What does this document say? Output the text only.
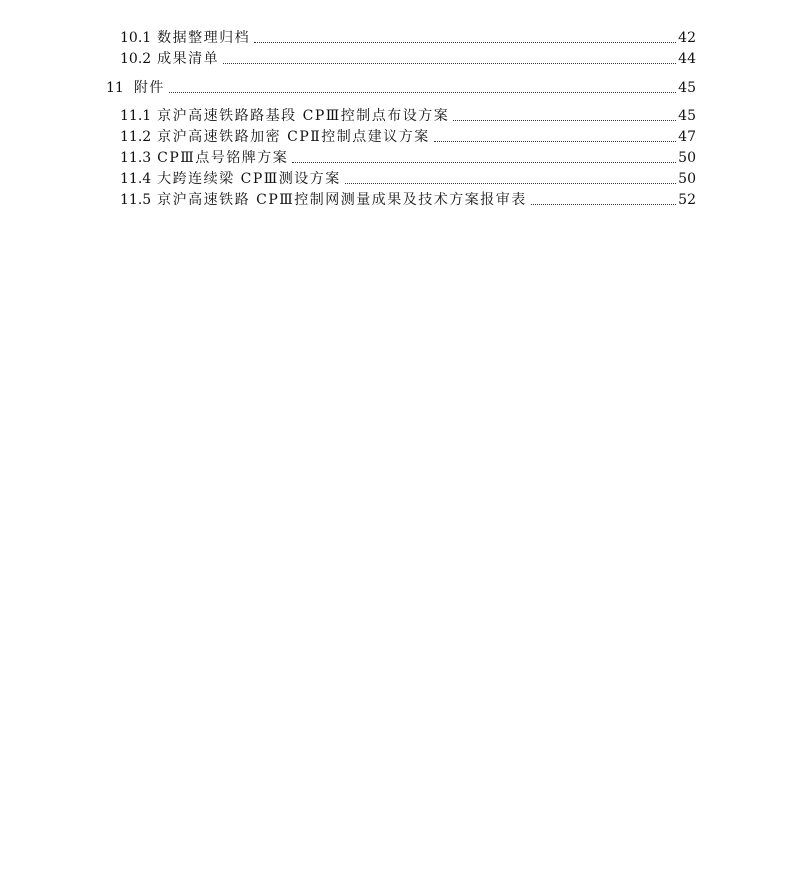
10.1 数据整理归档	42
10.2 成果清单	44
11 附件	45
11.1 京沪高速铁路路基段 CPⅢ控制点布设方案	45
11.2 京沪高速铁路加密 CPⅡ控制点建议方案	47
11.3 CPⅢ点号铭牌方案	50
11.4 大跨连续梁 CPⅢ测设方案	50
11.5 京沪高速铁路 CPⅢ控制网测量成果及技术方案报审表	52
